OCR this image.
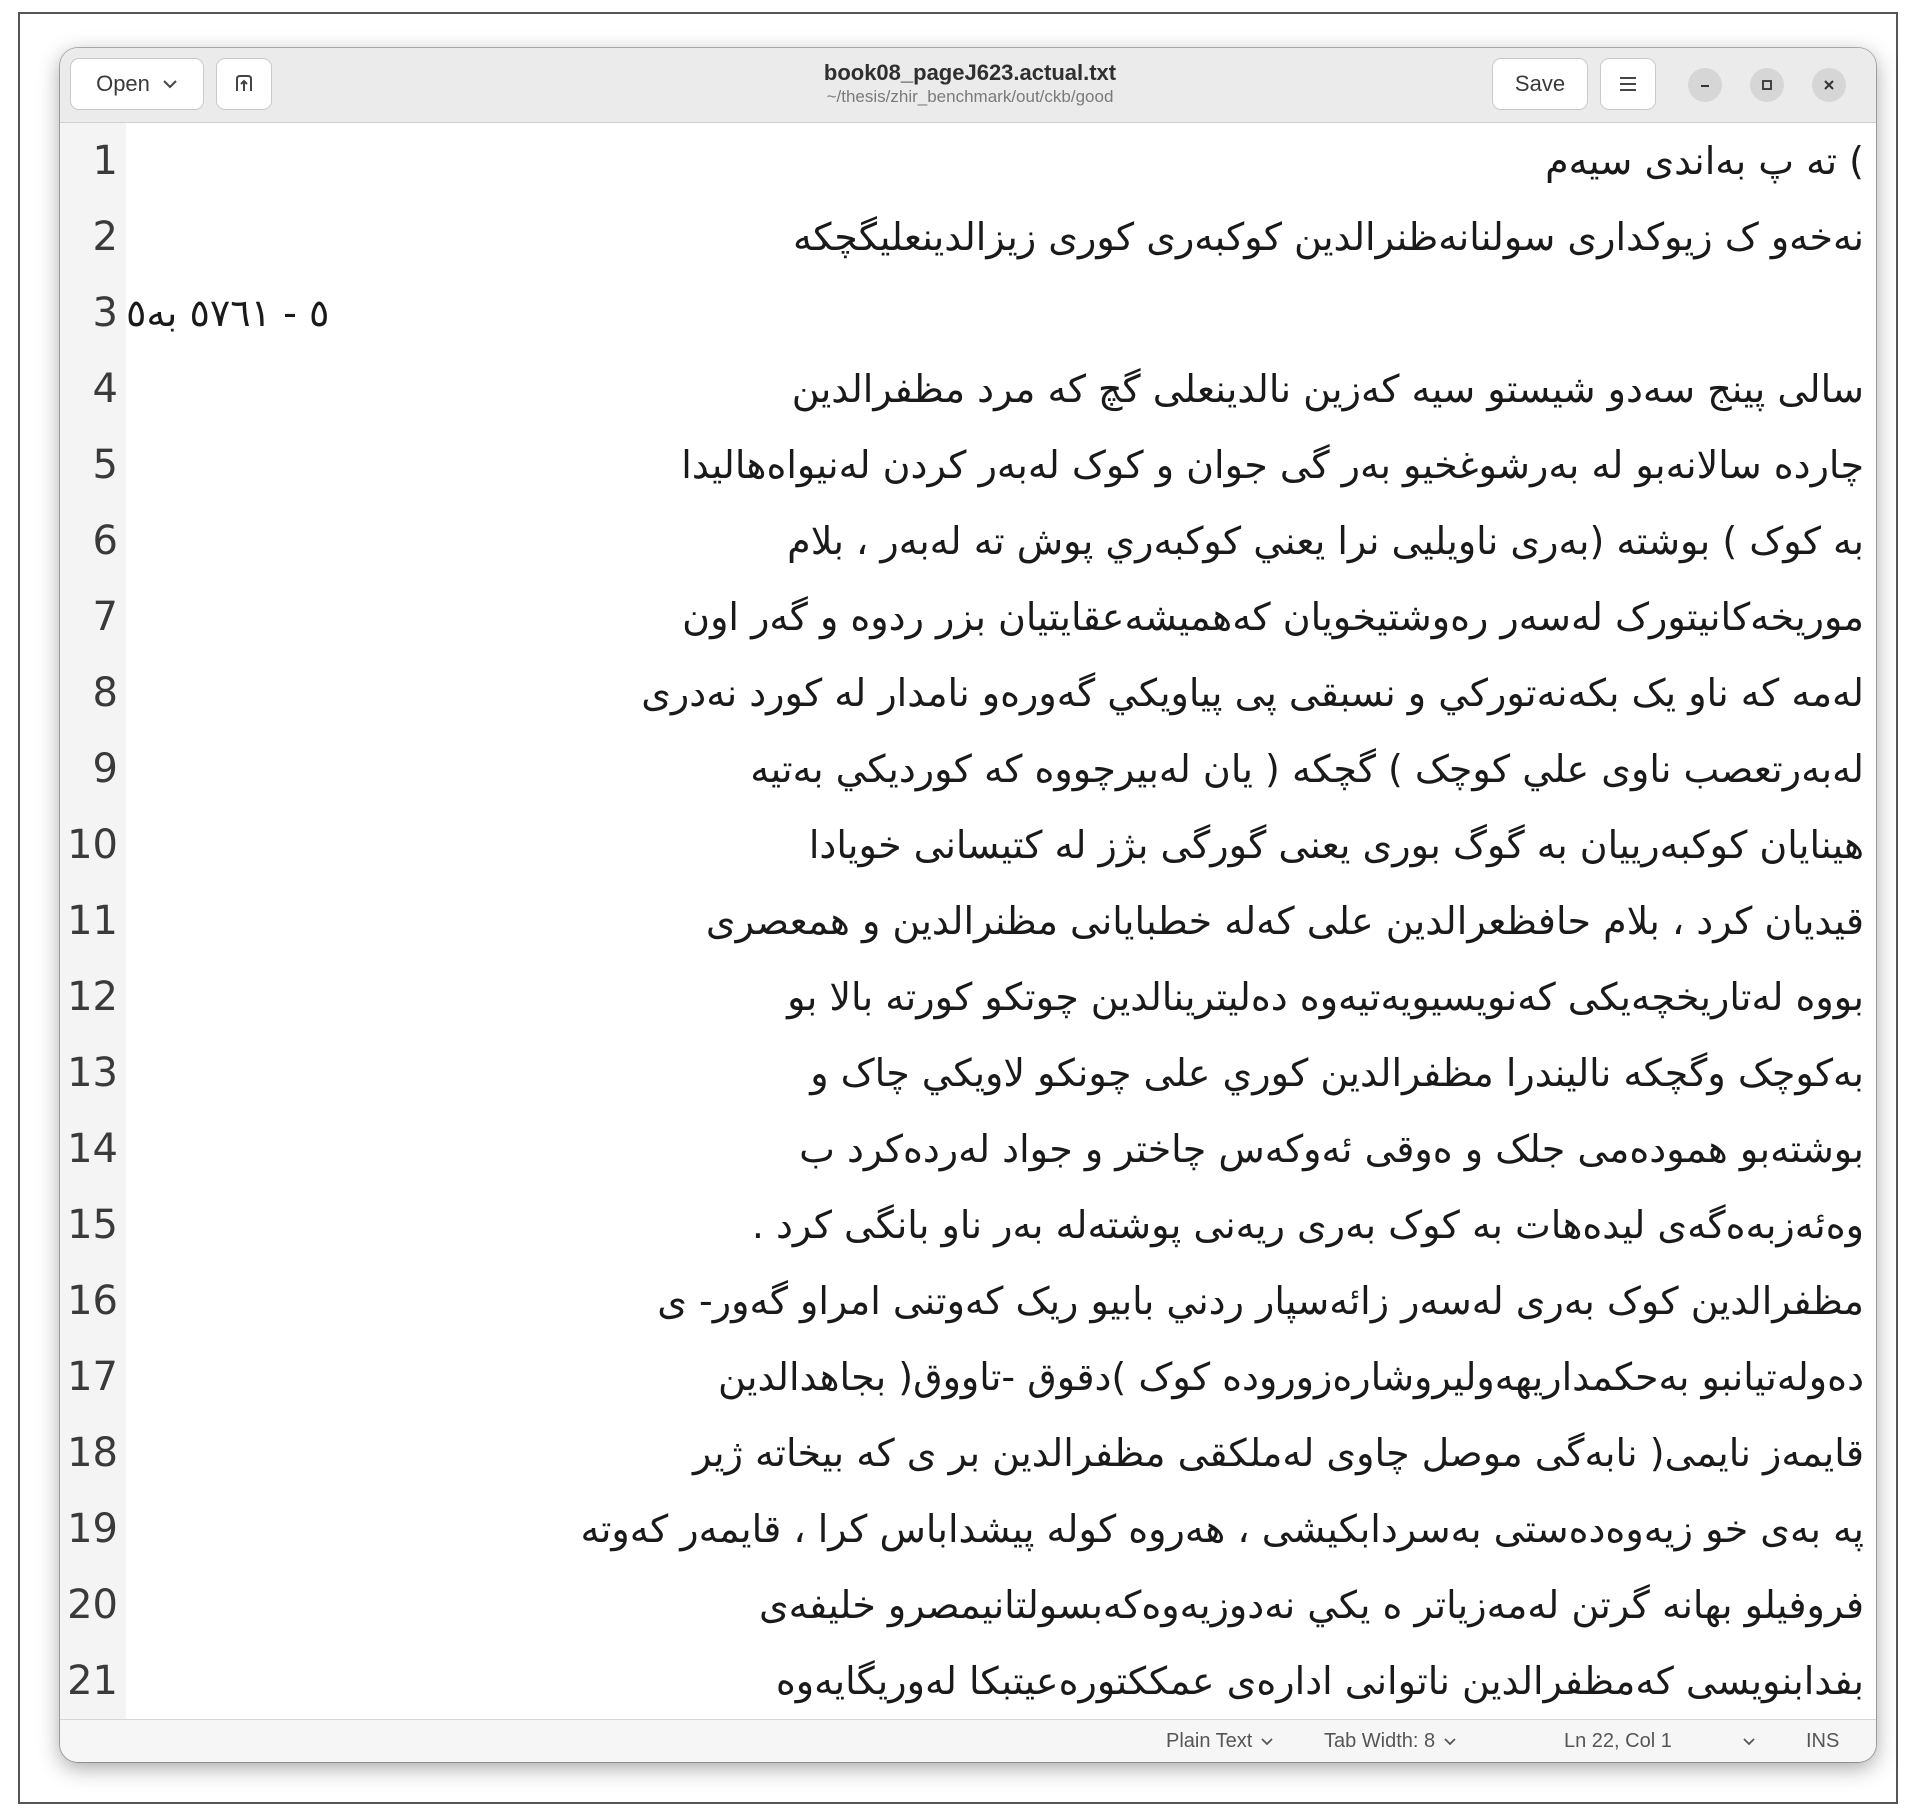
Open	book08_pageJ623.actual.txt
~/thesis/zhir_benchmark/out/ckb/good
Save
1	) ته پ بەاندی سیەم
2	نەخەو ک زیوکداری سولنانەظنرالدین کوکبەری کوری زیزالدینعلیگچکە
3 ٥ - ٥٧٦١ بە٥
4	سالی پینج سەدو شیستو سیە کەزین نالدینعلی گچ کە مرد مظفرالدین
5	چاردە سالانەبو لە بەرشوغخیو بەر گی جوان و کوک لەبەر کردن لەنیواەهالیدا
6	بە کوک ) بوشتە (بەری ناویلیی نرا یعني کوکبەري پوش تە لەبەر ، بلام
7	موریخەکانیتورک لەسەر رەوشتیخویان کەهمیشەعقایتیان بزر ردوە و گەر اون
8	لەمە کە ناو یک بکەنەتورکي و نسبقی پی پیاویکي گەورەو نامدار لە کورد نەدری
9	لەبەرتعصب ناوی علي کوچک ) گچکە ( یان لەبیرچووە کە کوردیکي بەتیە
10	هینایان کوکبەرییان بە گوگ بوری یعنی گورگی بژز لە کتیسانی خویادا
11	قیدیان کرد ، بلام حافظعرالدین علی کەلە خطبایانی مظنرالدین و همعصری
12	بووە لەتاریخچەیکی کەنویسیویەتیەوە دەلیترینالدین چوتکو کورتە بالا بو
13	بەکوچک وگچکە نالیندرا مظفرالدین کوري علی چونکو لاویکي چاک و
14	بوشتەبو همودەمی جلک و ەوقی ئەوکەس چاختر و جواد لەردەکرد ب
15	وەئەزبەەگەی لیدەهات بە کوک بەری ریەنی پوشتەلە بەر ناو بانگی کرد .
16	مظفرالدین کوک بەری لەسەر زائەسپار ردني بابیو ریک کەوتنی امراو گەور- ی
17	دەولەتیانبو بەحکمداریهەولیروشارەزورودە کوک )دقوق -تاووق( بجاهدالدین
18	قایمەز نایمی( نابەگی موصل چاوی لەملکقی مظفرالدین بر ی کە بیخاتە ژیر
19	پە بەی خو زیەوەدەستی بەسردابکیشی ، هەروە کولە پیشداباس کرا ، قایمەر کەوتە
20	فروفیلو بهانە گرتن لەمەزیاتر ە یکي نەدوزیەوەکەبسولتانیمصرو خلیفەی
21	بفدابنویسی کەمظفرالدین ناتوانی ادارەی عمککتورەعیتبکا لەوریگایەوە
Plain Text	Tab Width: 8	Ln 22, Col 1	INS
